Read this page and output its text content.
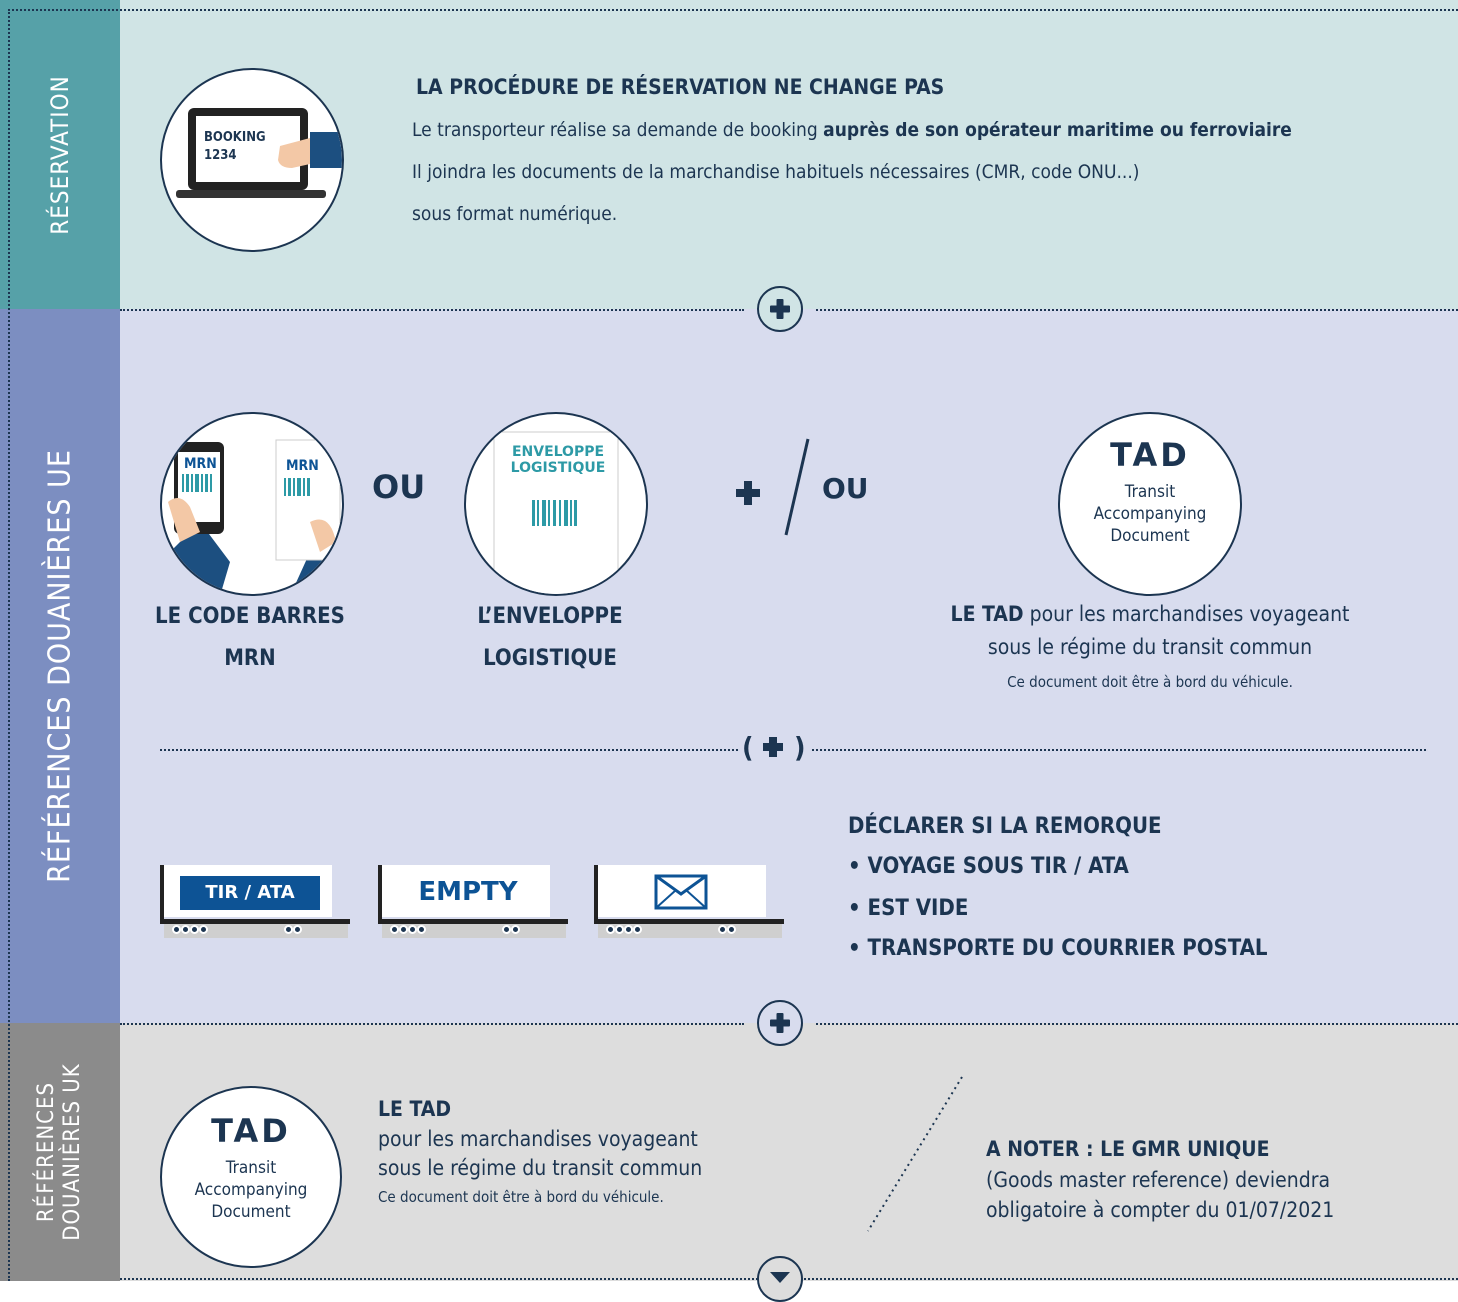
RÉSERVATION	BOOKING
1234
LA PROCÉDURE DE RÉSERVATION NE CHANGE PAS
Le transporteur réalise sa demande de booking auprès de son opérateur maritime ou ferroviaire
Il joindra les documents de la marchandise habituels nécessaires (CMR, code ONU...)
sous format numérique.
RÉFÉRENCES DOUANIÈRES UE	MRN	MRN
OU
ENVELOPPE
LOGISTIQUE
OU
TAD
Transit
Accompanying
Document
LE CODE BARRES
MRN
L’ENVELOPPE
LOGISTIQUE
LE TAD pour les marchandises voyageant
sous le régime du transit commun
Ce document doit être à bord du véhicule.
( )
TIR / ATA	EMPTY
DÉCLARER SI LA REMORQUE
• VOYAGE SOUS TIR / ATA
• EST VIDE
• TRANSPORTE DU COURRIER POSTAL
RÉFÉRENCES DOUANIÈRES UK	TAD
Transit
Accompanying
Document
LE TAD
pour les marchandises voyageant
sous le régime du transit commun
Ce document doit être à bord du véhicule.
A NOTER : LE GMR UNIQUE
(Goods master reference) deviendra
obligatoire à compter du 01/07/2021
